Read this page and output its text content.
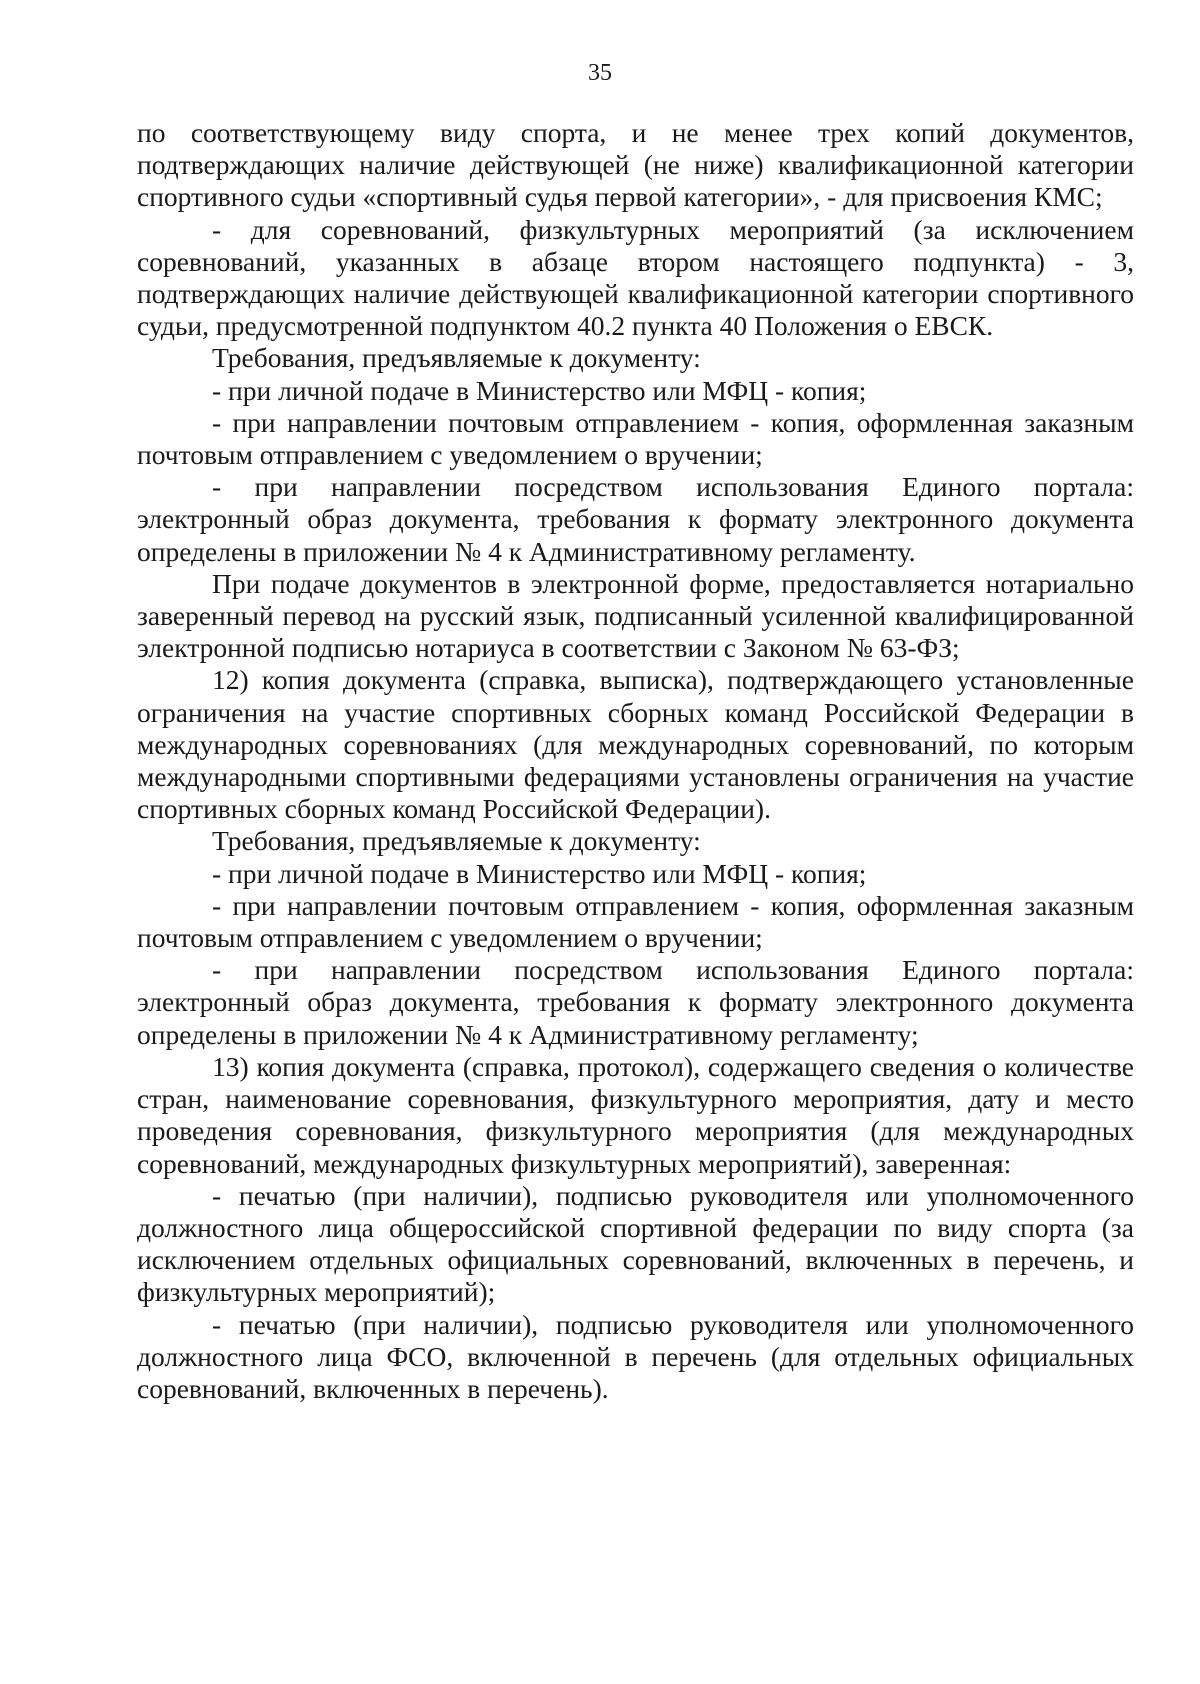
35

по соответствующему виду спорта, и не менее трех копий документов, подтверждающих наличие действующей (не ниже) квалификационной категории спортивного судьи «спортивный судья первой категории», - для присвоения КМС;

- для соревнований, физкультурных мероприятий (за исключением соревнований, указанных в абзаце втором настоящего подпункта) - 3, подтверждающих наличие действующей квалификационной категории спортивного судьи, предусмотренной подпунктом 40.2 пункта 40 Положения о ЕВСК.

Требования, предъявляемые к документу:

- при личной подаче в Министерство или МФЦ - копия;

- при направлении почтовым отправлением - копия, оформленная заказным почтовым отправлением с уведомлением о вручении;

- при направлении посредством использования Единого портала: электронный образ документа, требования к формату электронного документа определены в приложении № 4 к Административному регламенту.

При подаче документов в электронной форме, предоставляется нотариально заверенный перевод на русский язык, подписанный усиленной квалифицированной электронной подписью нотариуса в соответствии с Законом № 63-ФЗ;

12) копия документа (справка, выписка), подтверждающего установленные ограничения на участие спортивных сборных команд Российской Федерации в международных соревнованиях (для международных соревнований, по которым международными спортивными федерациями установлены ограничения на участие спортивных сборных команд Российской Федерации).

Требования, предъявляемые к документу:

- при личной подаче в Министерство или МФЦ - копия;

- при направлении почтовым отправлением - копия, оформленная заказным почтовым отправлением с уведомлением о вручении;

- при направлении посредством использования Единого портала: электронный образ документа, требования к формату электронного документа определены в приложении № 4 к Административному регламенту;

13) копия документа (справка, протокол), содержащего сведения о количестве стран, наименование соревнования, физкультурного мероприятия, дату и место проведения соревнования, физкультурного мероприятия (для международных соревнований, международных физкультурных мероприятий), заверенная:

- печатью (при наличии), подписью руководителя или уполномоченного должностного лица общероссийской спортивной федерации по виду спорта (за исключением отдельных официальных соревнований, включенных в перечень, и физкультурных мероприятий);

- печатью (при наличии), подписью руководителя или уполномоченного должностного лица ФСО, включенной в перечень (для отдельных официальных соревнований, включенных в перечень).
